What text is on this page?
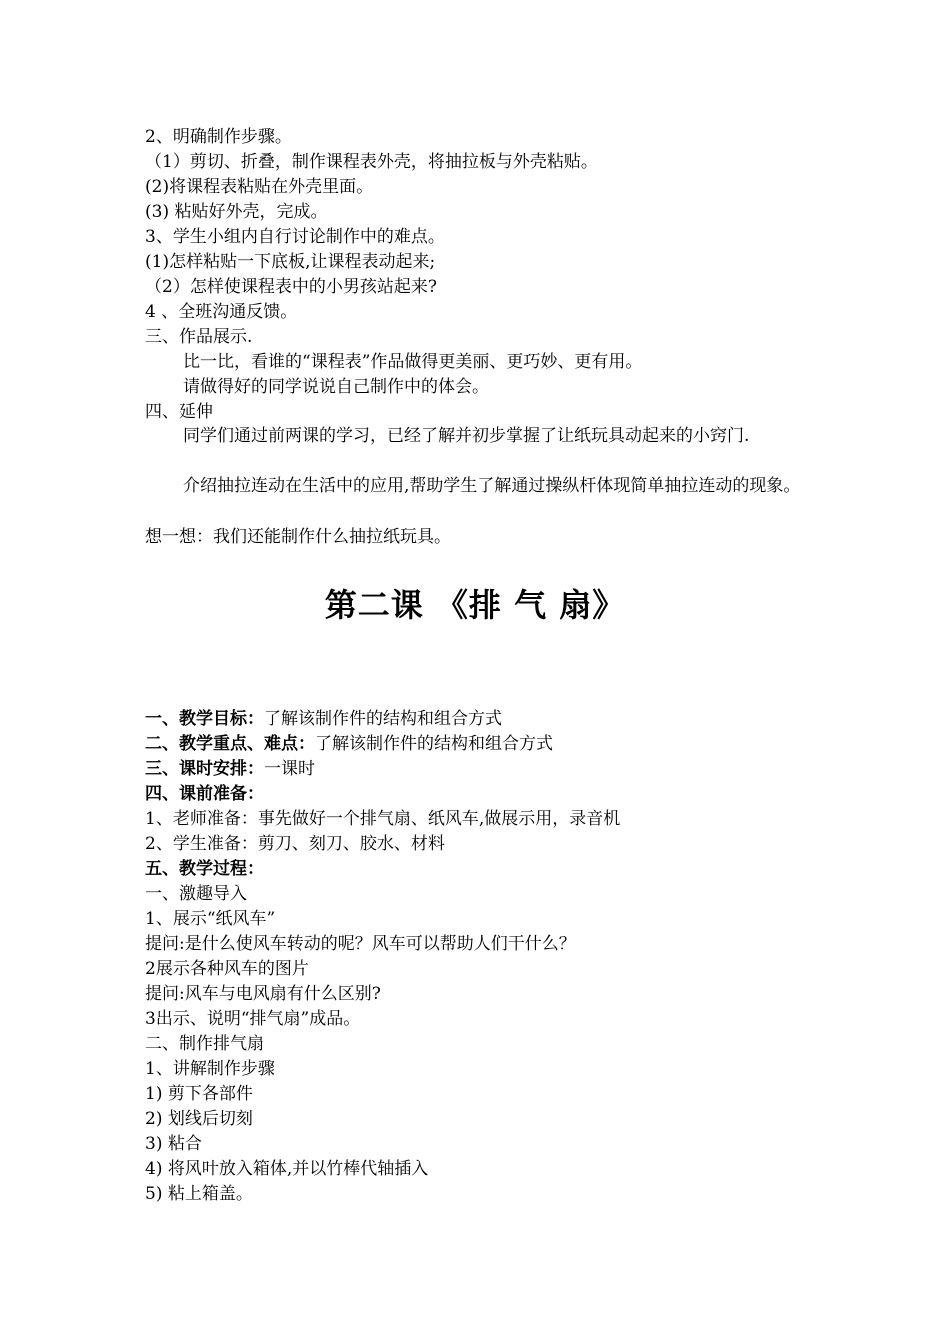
2、明确制作步骤。
（1）剪切、折叠，制作课程表外壳，将抽拉板与外壳粘贴。
(2)将课程表粘贴在外壳里面。
(3) 粘贴好外壳，完成。
3、学生小组内自行讨论制作中的难点。
(1)怎样粘贴一下底板,让课程表动起来;
（2）怎样使课程表中的小男孩站起来?
4 、全班沟通反馈。
三、作品展示.
比一比，看谁的“课程表”作品做得更美丽、更巧妙、更有用。
请做得好的同学说说自己制作中的体会。
四、延伸
同学们通过前两课的学习，已经了解并初步掌握了让纸玩具动起来的小窍门.
介绍抽拉连动在生活中的应用,帮助学生了解通过操纵杆体现简单抽拉连动的现象。
想一想：我们还能制作什么抽拉纸玩具。
第二课 《排 气 扇》
一、教学目标：了解该制作件的结构和组合方式
二、教学重点、难点：了解该制作件的结构和组合方式
三、课时安排：一课时
四、课前准备：
1、老师准备：事先做好一个排气扇、纸风车,做展示用，录音机
2、学生准备：剪刀、刻刀、胶水、材料
五、教学过程：
一、激趣导入
1、展示“纸风车”
提问:是什么使风车转动的呢？风车可以帮助人们干什么？
2展示各种风车的图片
提问:风车与电风扇有什么区别?
3出示、说明“排气扇”成品。
二、制作排气扇
1、讲解制作步骤
1) 剪下各部件
2) 划线后切刻
3) 粘合
4) 将风叶放入箱体,并以竹棒代轴插入
5) 粘上箱盖。
